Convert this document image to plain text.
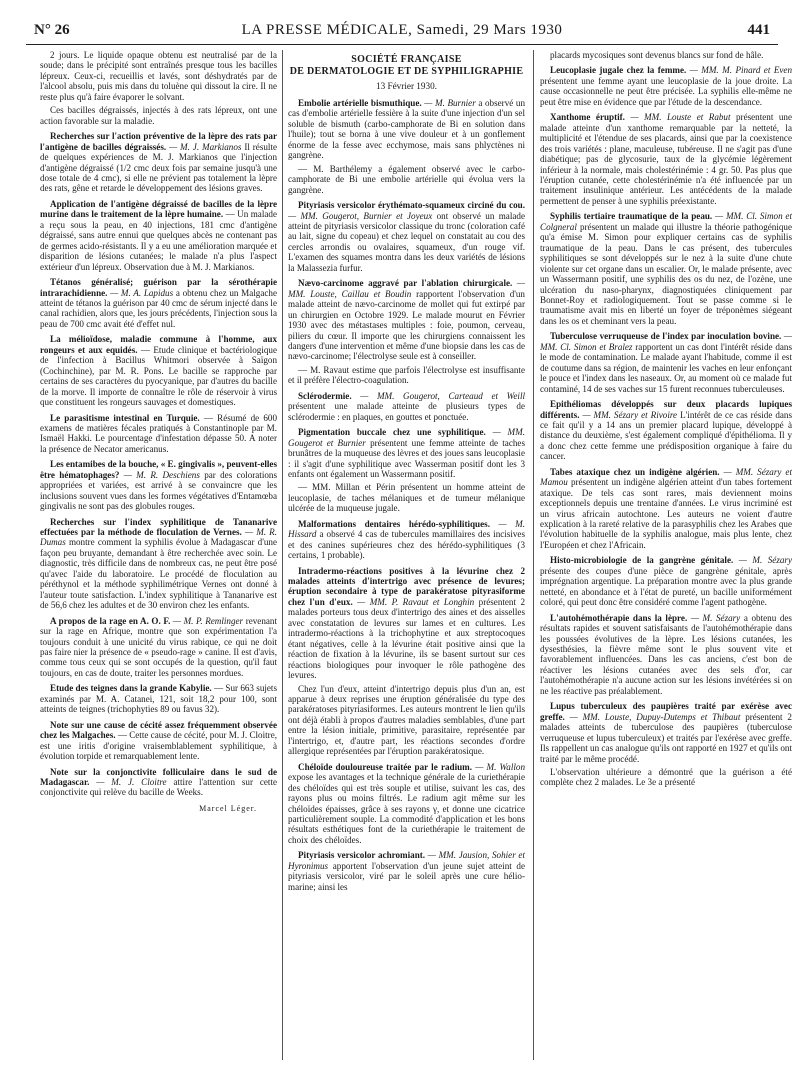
N° 26	LA PRESSE MÉDICALE, Samedi, 29 Mars 1930	441

2 jours. Le liquide opaque obtenu est neutralisé par de la soude; dans le précipité sont entraînés presque tous les bacilles lépreux. Ceux-ci, recueillis et lavés, sont déshydratés par de l'alcool absolu, puis mis dans du toluène qui dissout la cire. Il ne reste plus qu'à faire évaporer le solvant.

Ces bacilles dégraissés, injectés à des rats lépreux, ont une action favorable sur la maladie.

Recherches sur l'action préventive de la lèpre des rats par l'antigène de bacilles dégraissés. — M. J. Markianos Il résulte de quelques expériences de M. J. Markianos que l'injection d'antigène dégraissé (1/2 cmc deux fois par semaine jusqu'à une dose totale de 4 cmc), si elle ne prévient pas totalement la lèpre des rats, gêne et retarde le développement des lésions graves.

Application de l'antigène dégraissé de bacilles de la lèpre murine dans le traitement de la lèpre humaine. — Un malade a reçu sous la peau, en 40 injections, 181 cmc d'antigène dégraissé, sans autre ennui que quelques abcès ne contenant pas de germes acido-résistants. Il y a eu une amélioration marquée et disparition de lésions cutanées; le malade n'a plus l'aspect extérieur d'un lépreux. Observation due à M. J. Markianos.

Tétanos généralisé; guérison par la sérothérapie intrarachidienne. — M. A. Lapidus a obtenu chez un Malgache atteint de tétanos la guérison par 40 cmc de sérum injecté dans le canal rachidien, alors que, les jours précédents, l'injection sous la peau de 700 cmc avait été d'effet nul.

La mélioïdose, maladie commune à l'homme, aux rongeurs et aux equidés. — Etude clinique et bactériologique de l'infection à Bacillus Whitmori observée à Saïgon (Cochinchine), par M. R. Pons. Le bacille se rapproche par certains de ses caractères du pyocyanique, par d'autres du bacille de la morve. Il importe de connaître le rôle de réservoir à virus que constituent les rongeurs sauvages et domestiques.

Le parasitisme intestinal en Turquie. — Résumé de 600 examens de matières fécales pratiqués à Constantinople par M. Ismaël Hakki. Le pourcentage d'infestation dépasse 50. A noter la présence de Necator americanus.

Les entamibes de la bouche, « E. gingivalis », peuvent-elles être hématophages? — M. R. Deschiens par des colorations appropriées et variées, est arrivé à se convaincre que les inclusions souvent vues dans les formes végétatives d'Entamœba gingivalis ne sont pas des globules rouges.

Recherches sur l'index syphilitique de Tananarive effectuées par la méthode de floculation de Vernes. — M. R. Dumas montre comment la syphilis évolue à Madagascar d'une façon peu bruyante, demandant à être recherchée avec soin. Le diagnostic, très difficile dans de nombreux cas, ne peut être posé qu'avec l'aide du laboratoire. Le procédé de floculation au péréthynol et la méthode syphilimétrique Vernes ont donné à l'auteur toute satisfaction. L'index syphilitique à Tananarive est de 56,6 chez les adultes et de 30 environ chez les enfants.

A propos de la rage en A. O. F. — M. P. Remlinger revenant sur la rage en Afrique, montre que son expérimentation l'a toujours conduit à une unicité du virus rabique, ce qui ne doit pas faire nier la présence de « pseudo-rage » canine. Il est d'avis, comme tous ceux qui se sont occupés de la question, qu'il faut toujours, en cas de doute, traiter les personnes mordues.

Etude des teignes dans la grande Kabylie. — Sur 663 sujets examinés par M. A. Catanei, 121, soit 18,2 pour 100, sont atteints de teignes (trichophyties 89 ou favus 32).

Note sur une cause de cécité assez fréquemment observée chez les Malgaches. — Cette cause de cécité, pour M. J. Cloitre, est une iritis d'origine vraisemblablement syphilitique, à évolution torpide et remarquablement lente.

Note sur la conjonctivite folliculaire dans le sud de Madagascar. — M. J. Cloitre attire l'attention sur cette conjonctivite qui relève du bacille de Weeks.

Marcel Léger.
SOCIÉTÉ FRANÇAISE
DE DERMATOLOGIE ET DE SYPHILIGRAPHIE
13 Février 1930.

Embolie artérielle bismuthique. — M. Burnier a observé un cas d'embolie artérielle fessière à la suite d'une injection d'un sel soluble de bismuth (carbo-camphorate de Bi en solution dans l'huile); tout se borna à une vive douleur et à un gonflement énorme de la fesse avec ecchymose, mais sans phlyctènes ni gangrène.

— M. Barthélemy a également observé avec le carbo-camphorate de Bi une embolie artérielle qui évolua vers la gangrène.

Pityriasis versicolor érythémato-squameux circiné du cou. — MM. Gougerot, Burnier et Joyeux ont observé un malade atteint de pityriasis versicolor classique du tronc (coloration café au lait, signe du copeau) et chez lequel on constatait au cou des cercles arrondis ou ovalaires, squameux, d'un rouge vif. L'examen des squames montra dans les deux variétés de lésions la Malassezia furfur.

Nævo-carcinome aggravé par l'ablation chirurgicale. — MM. Louste, Caillau et Boudin rapportent l'observation d'un malade atteint de nævo-carcinome de mollet qui fut extirpé par un chirurgien en Octobre 1929. Le malade mourut en Février 1930 avec des métastases multiples : foie, poumon, cerveau, piliers du cœur. Il importe que les chirurgiens connaissent les dangers d'une intervention et même d'une biopsie dans les cas de nævo-carcinome; l'électrolyse seule est à conseiller.

— M. Ravaut estime que parfois l'électrolyse est insuffisante et il préfère l'électro-coagulation.

Sclérodermie. — MM. Gougerot, Carteaud et Weill présentent une malade atteinte de plusieurs types de sclérodermie : en plaques, en gouttes et ponctuée.

Pigmentation buccale chez une syphilitique. — MM. Gougerot et Burnier présentent une femme atteinte de taches brunâtres de la muqueuse des lèvres et des joues sans leucoplasie : il s'agit d'une syphilitique avec Wasserman positif dont les 3 enfants ont également un Wassermann positif.

— MM. Millan et Périn présentent un homme atteint de leucoplasie, de taches mélaniques et de tumeur mélanique ulcérée de la muqueuse jugale.

Malformations dentaires hérédo-syphilitiques. — M. Hissard a observé 4 cas de tubercules mamillaires des incisives et des canines supérieures chez des hérédo-syphilitiques (3 certains, 1 probable).

Intradermo-réactions positives à la lévurine chez 2 malades atteints d'intertrigo avec présence de levures; éruption secondaire à type de parakératose pityrasiforme chez l'un d'eux. — MM. P. Ravaut et Longhin présentent 2 malades porteurs tous deux d'intertrigo des aines et des aisselles avec constatation de levures sur lames et en cultures. Les intradermo-réactions à la trichophytine et aux streptocoques étant négatives, celle à la lévurine était positive ainsi que la réaction de fixation à la lévurine, ils se basent surtout sur ces réactions biologiques pour invoquer le rôle pathogène des levures.

Chez l'un d'eux, atteint d'intertrigo depuis plus d'un an, est apparue à deux reprises une éruption généralisée du type des parakératoses pityriasiformes. Les auteurs montrent le lien qu'ils ont déjà établi à propos d'autres maladies semblables, d'une part entre la lésion initiale, primitive, parasitaire, représentée par l'intertrigo, et, d'autre part, les réactions secondes d'ordre allergique représentées par l'éruption parakératosique.

Chéloïde douloureuse traitée par le radium. — M. Wallon expose les avantages et la technique générale de la curiethérapie des chéloïdes qui est très souple et utilise, suivant les cas, des rayons plus ou moins filtrés. Le radium agit même sur les chéloïdes épaisses, grâce à ses rayons γ, et donne une cicatrice particulièrement souple. La commodité d'application et les bons résultats esthétiques font de la curiethérapie le traitement de choix des chéloïdes.

Pityriasis versicolor achromiant. — MM. Jausion, Sohier et Hyronimus apportent l'observation d'un jeune sujet atteint de pityriasis versicolor, viré par le soleil après une cure hélio-marine; ainsi les

placards mycosiques sont devenus blancs sur fond de hâle.

Leucoplasie jugale chez la femme. — MM. M. Pinard et Even présentent une femme ayant une leucoplasie de la joue droite. La cause occasionnelle ne peut être précisée. La syphilis elle-même ne peut être mise en évidence que par l'étude de la descendance.

Xanthome éruptif. — MM. Louste et Rabut présentent une malade atteinte d'un xanthome remarquable par la netteté, la multiplicité et l'étendue de ses placards, ainsi que par la coexistence des trois variétés : plane, maculeuse, tubéreuse. Il ne s'agit pas d'une diabétique; pas de glycosurie, taux de la glycémie légèrement inférieur à la normale, mais cholestérinémie : 4 gr. 50. Pas plus que l'éruption cutanée, cette cholestérinémie n'a été influencée par un traitement insulinique antérieur. Les antécédents de la malade permettent de penser à une syphilis préexistante.

Syphilis tertiaire traumatique de la peau. — MM. Cl. Simon et Colgneral présentent un malade qui illustre la théorie pathogénique qu'a émise M. Simon pour expliquer certains cas de syphilis traumatique de la peau. Dans le cas présent, des tubercules syphilitiques se sont développés sur le nez à la suite d'une chute violente sur cet organe dans un escalier. Or, le malade présente, avec un Wassermann positif, une syphilis des os du nez, de l'ozène, une ulcération du naso-pharynx, diagnostiquées cliniquement par Bonnet-Roy et radiologiquement. Tout se passe comme si le traumatisme avait mis en liberté un foyer de tréponèmes siégeant dans les os et cheminant vers la peau.

Tuberculose verruqueuse de l'index par inoculation bovine. — MM. Cl. Simon et Bralez rapportent un cas dont l'intérêt réside dans le mode de contamination. Le malade ayant l'habitude, comme il est de coutume dans sa région, de maintenir les vaches en leur enfonçant le pouce et l'index dans les naseaux. Or, au moment où ce malade fut contaminé, 14 de ses vaches sur 15 furent reconnues tuberculeuses.

Epithéliomas développés sur deux placards lupiques différents. — MM. Sézary et Rivoire L'intérêt de ce cas réside dans ce fait qu'il y a 14 ans un premier placard lupique, développé à distance du deuxième, s'est également compliqué d'épithélioma. Il y a donc chez cette femme une prédisposition organique à faire du cancer.

Tabes ataxique chez un indigène algérien. — MM. Sézary et Mamou présentent un indigène algérien atteint d'un tabes fortement ataxique. De tels cas sont rares, mais deviennent moins exceptionnels depuis une trentaine d'années. Le virus incriminé est un virus africain autochtone. Les auteurs ne voient d'autre explication à la rareté relative de la parasyphilis chez les Arabes que l'évolution habituelle de la syphilis analogue, mais plus lente, chez l'Européen et chez l'Africain.

Histo-microbiologie de la gangrène génitale. — M. Sézary présente des coupes d'une pièce de gangrène génitale, après imprégnation argentique. La préparation montre avec la plus grande netteté, en abondance et à l'état de pureté, un bacille uniformément coloré, qui peut donc être considéré comme l'agent pathogène.

L'autohémothérapie dans la lèpre. — M. Sézary a obtenu des résultats rapides et souvent satisfaisants de l'autohémothérapie dans les poussées évolutives de la lèpre. Les lésions cutanées, les dysesthésies, la fièvre même sont le plus souvent vite et favorablement influencées. Dans les cas anciens, c'est bon de réactiver les lésions cutanées avec des sels d'or, car l'autohémothérapie n'a aucune action sur les lésions invétérées si on ne les réactive pas préalablement.

Lupus tuberculeux des paupières traité par exérèse avec greffe. — MM. Louste, Dupuy-Dutemps et Thibaut présentent 2 malades atteints de tuberculose des paupières (tuberculose verruqueuse et lupus tuberculeux) et traités par l'exérèse avec greffe. Ils rappellent un cas analogue qu'ils ont rapporté en 1927 et qu'ils ont traité par le même procédé.

L'observation ultérieure a démontré que la guérison a été complète chez 2 malades. Le 3e a présenté
